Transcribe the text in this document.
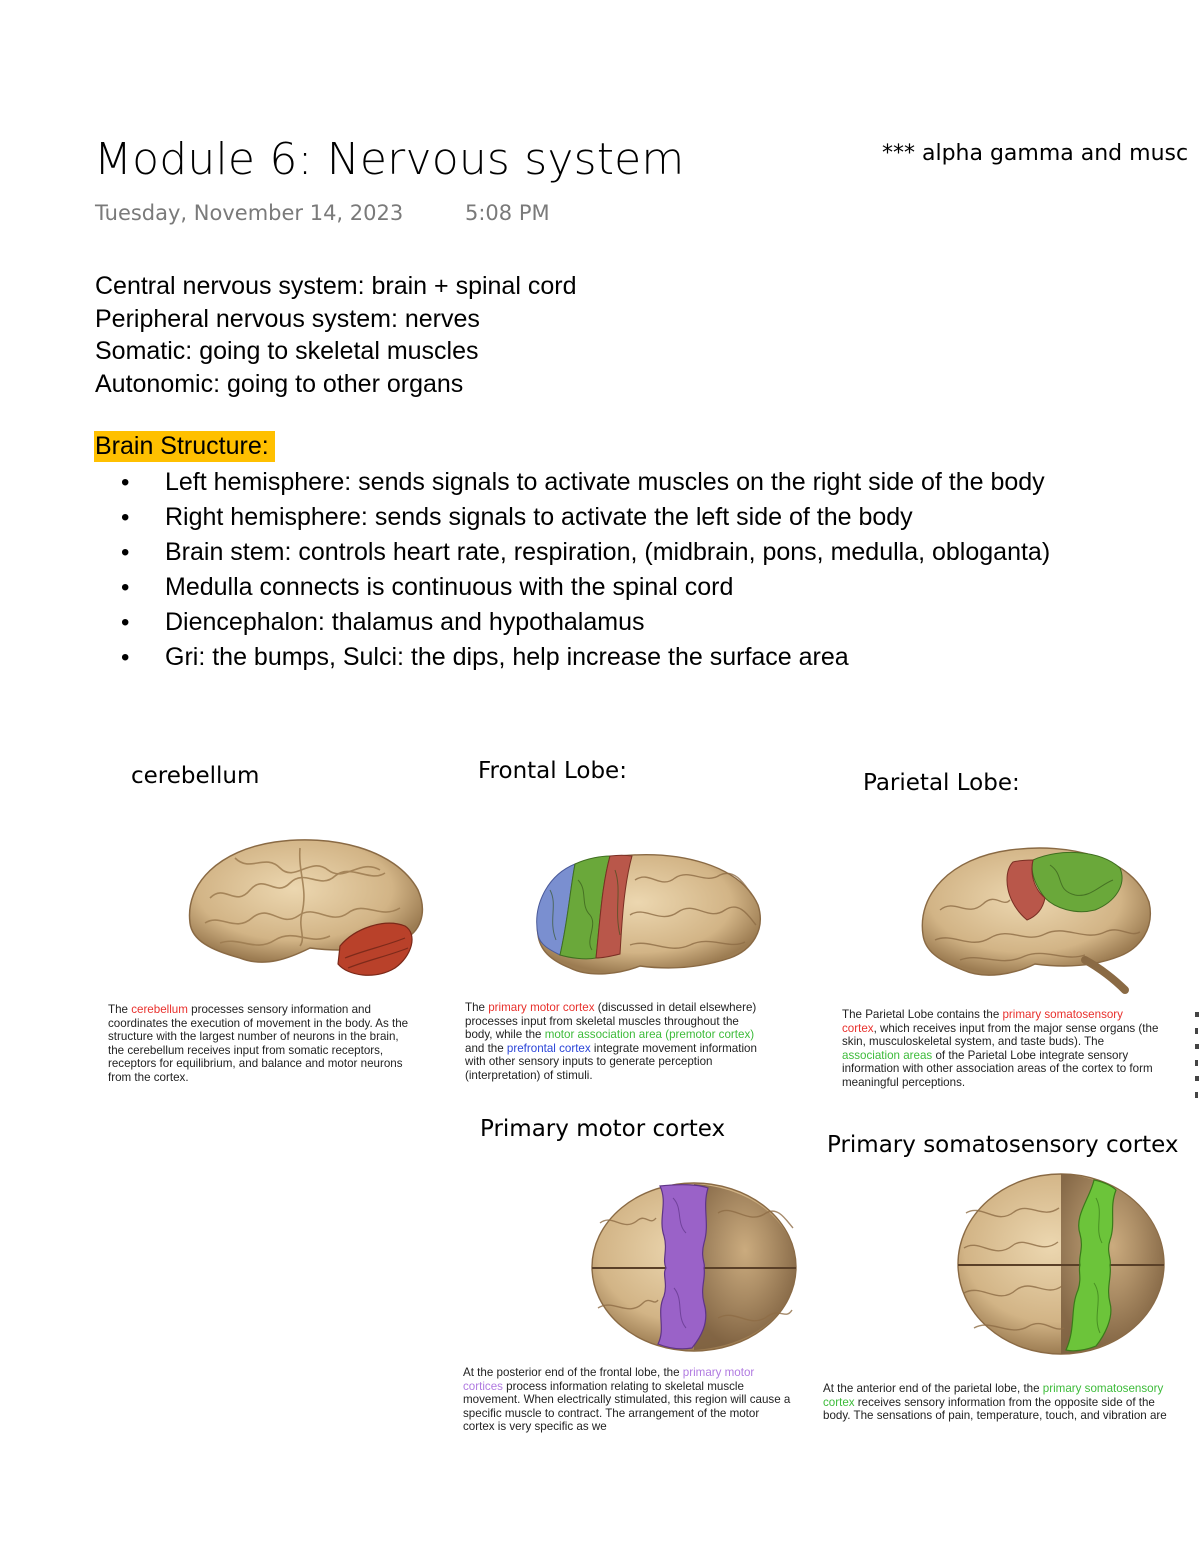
Module 6: Nervous system	*** alpha gamma and musc
Tuesday, November 14, 2023	5:08 PM
Central nervous system: brain + spinal cord
Peripheral nervous system: nerves
Somatic: going to skeletal muscles
Autonomic: going to other organs
Brain Structure:
• Left hemisphere: sends signals to activate muscles on the right side of the body
• Right hemisphere: sends signals to activate the left side of the body
• Brain stem: controls heart rate, respiration, (midbrain, pons, medulla, obloganta)
• Medulla connects is continuous with the spinal cord
• Diencephalon: thalamus and hypothalamus
• Gri: the bumps, Sulci: the dips, help increase the surface area
cerebellum
The cerebellum processes sensory information and coordinates the execution of movement in the body. As the structure with the largest number of neurons in the brain, the cerebellum receives input from somatic receptors, receptors for equilibrium, and balance and motor neurons from the cortex.
Frontal Lobe:
The primary motor cortex (discussed in detail elsewhere) processes input from skeletal muscles throughout the body, while the motor association area (premotor cortex) and the prefrontal cortex integrate movement information with other sensory inputs to generate perception (interpretation) of stimuli.
Parietal Lobe:
The Parietal Lobe contains the primary somatosensory cortex, which receives input from the major sense organs (the skin, musculoskeletal system, and taste buds). The association areas of the Parietal Lobe integrate sensory information with other association areas of the cortex to form meaningful perceptions.
Primary motor cortex
At the posterior end of the frontal lobe, the primary motor cortices process information relating to skeletal muscle movement. When electrically stimulated, this region will cause a specific muscle to contract. The arrangement of the motor cortex is very specific as we
Primary somatosensory cortex
At the anterior end of the parietal lobe, the primary somatosensory cortex receives sensory information from the opposite side of the body. The sensations of pain, temperature, touch, and vibration are
